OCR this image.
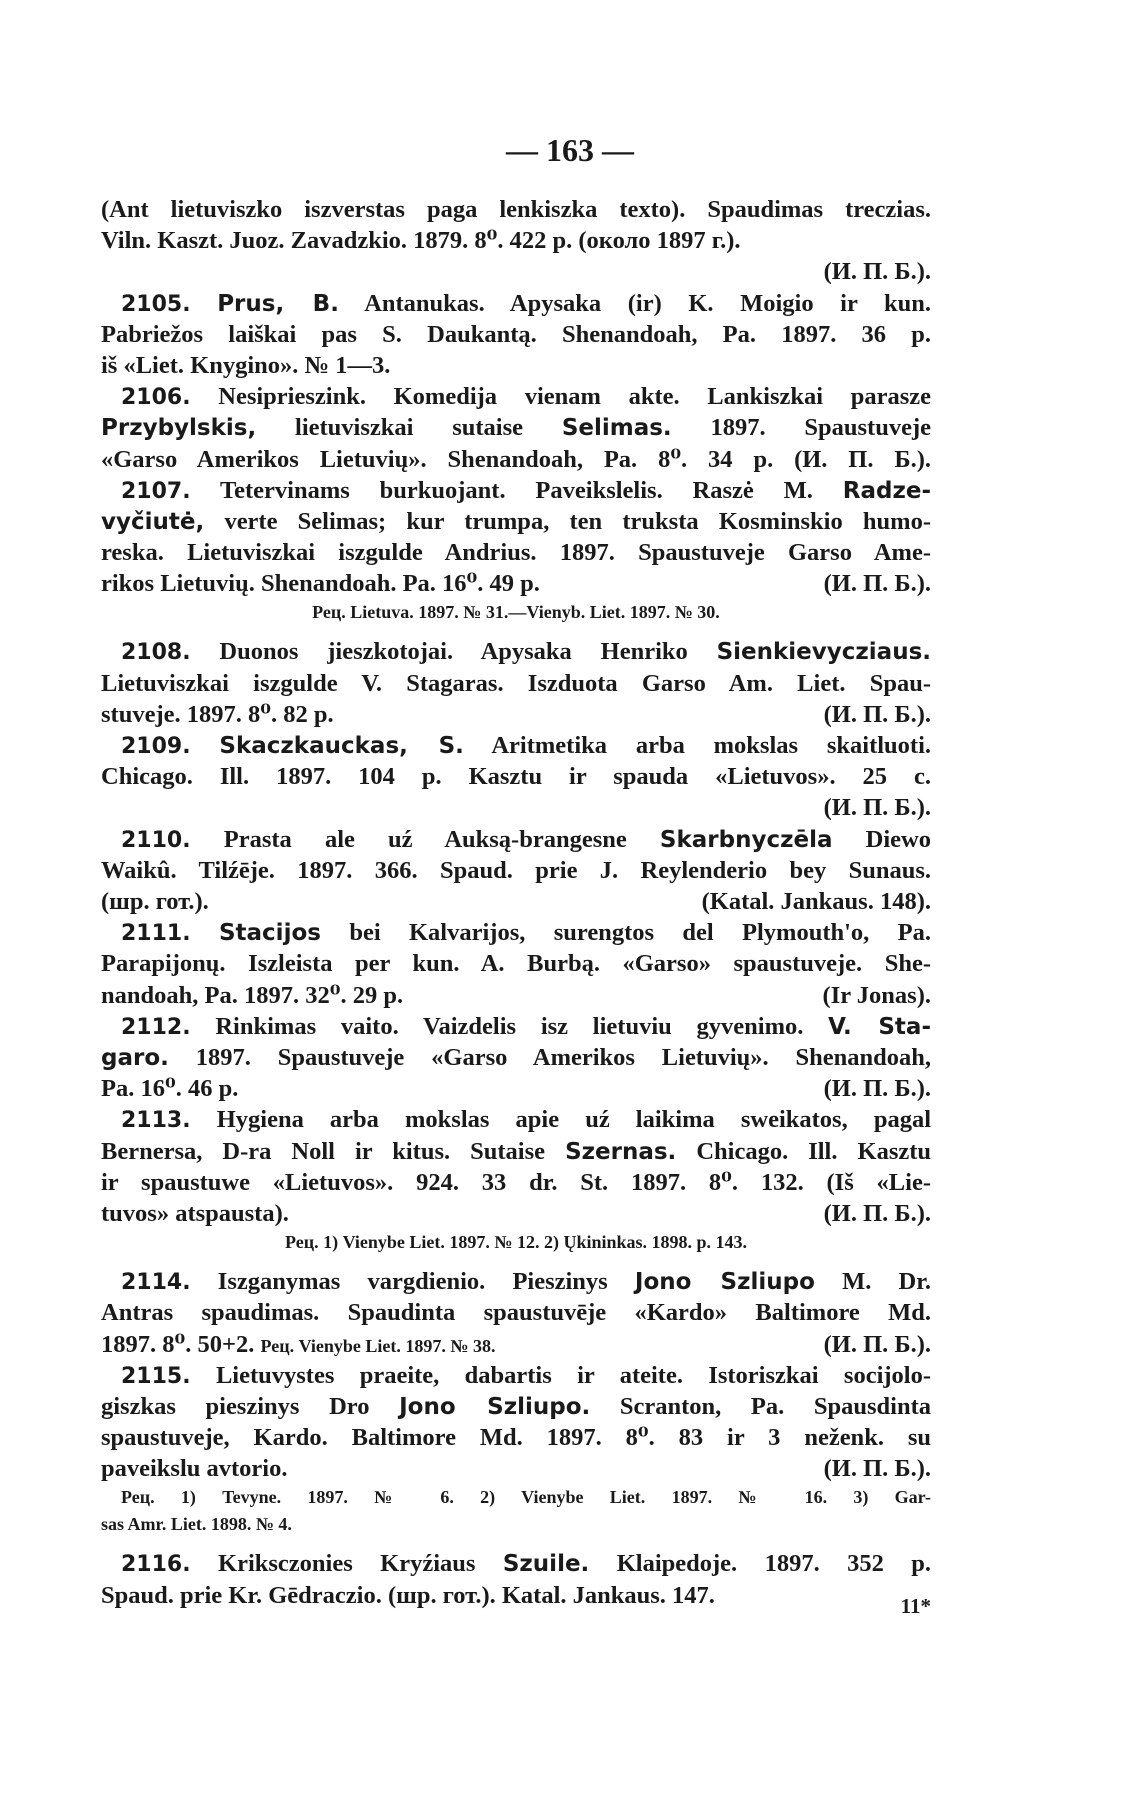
— 163 —
(Ant lietuviszko iszverstas paga lenkiszka texto). Spaudimas treczias.
Viln. Kaszt. Juoz. Zavadzkio. 1879. 8⁰. 422 p. (около 1897 г.).
(И. П. Б.).
2105. Prus, B. Antanukas. Apysaka (ir) K. Moigio ir kun.
Pabriežos laiškai pas S. Daukantą. Shenandoah, Pa. 1897. 36 p.
iš «Liet. Knygino». № 1—3.
2106. Nesiprieszink. Komedija vienam akte. Lankiszkai parasze
Przybylskis, lietuviszkai sutaise Selimas. 1897. Spaustuveje
«Garso Amerikos Lietuvių». Shenandoah, Pa. 8⁰. 34 p. (И. П. Б.).
2107. Tetervinams burkuojant. Paveikslelis. Raszė M. Radze-
vyčiutė, verte Selimas; kur trumpa, ten truksta Kosminskio humo-
reska. Lietuviszkai iszgulde Andrius. 1897. Spaustuveje Garso Ame-
rikos Lietuvių. Shenandoah. Pa. 16⁰. 49 p.	(И. П. Б.).
Рец. Lietuva. 1897. № 31.—Vienyb. Liet. 1897. № 30.
2108. Duonos jieszkotojai. Apysaka Henriko Sienkievycziaus.
Lietuviszkai iszgulde V. Stagaras. Iszduota Garso Am. Liet. Spau-
stuveje. 1897. 8⁰. 82 p.	(И. П. Б.).
2109. Skaczkauckas, S. Aritmetika arba mokslas skaitluoti.
Chicago. Ill. 1897. 104 p. Kasztu ir spauda «Lietuvos». 25 c.
(И. П. Б.).
2110. Prasta ale uź Auksą-brangesne Skarbnyczēla Diewo
Waikû. Tilźēje. 1897. 366. Spaud. prie J. Reylenderio bey Sunaus.
(шр. гот.).	(Katal. Jankaus. 148).
2111. Stacijos bei Kalvarijos, surengtos del Plymouth'o, Pa.
Parapijonų. Iszleista per kun. A. Burbą. «Garso» spaustuveje. She-
nandoah, Pa. 1897. 32⁰. 29 p.	(Ir Jonas).
2112. Rinkimas vaito. Vaizdelis isz lietuviu gyvenimo. V. Sta-
garo. 1897. Spaustuveje «Garso Amerikos Lietuvių». Shenandoah,
Pa. 16⁰. 46 p.	(И. П. Б.).
2113. Hygiena arba mokslas apie uź laikima sweikatos, pagal
Bernersa, D-ra Noll ir kitus. Sutaise Szernas. Chicago. Ill. Kasztu
ir spaustuwe «Lietuvos». 924. 33 dr. St. 1897. 8⁰. 132. (Iš «Lie-
tuvos» atspausta).	(И. П. Б.).
Рец. 1) Vienybe Liet. 1897. № 12. 2) Ųkininkas. 1898. p. 143.
2114. Iszganymas vargdienio. Pieszinys Jono Szliupo M. Dr.
Antras spaudimas. Spaudinta spaustuvēje «Kardo» Baltimore Md.
1897. 8⁰. 50+2. Рец. Vienybe Liet. 1897. № 38.	(И. П. Б.).
2115. Lietuvystes praeite, dabartis ir ateite. Istoriszkai socijolo-
giszkas pieszinys Dro Jono Szliupo. Scranton, Pa. Spausdinta
spaustuveje, Kardo. Baltimore Md. 1897. 8⁰. 83 ir 3 neženk. su
paveikslu avtorio.	(И. П. Б.).
Рец. 1) Tevyne. 1897. № 6. 2) Vienybe Liet. 1897. № 16. 3) Gar-
sas Amr. Liet. 1898. № 4.
2116. Kriksczonies Kryźiaus Szuile. Klaipedoje. 1897. 352 p.
Spaud. prie Kr. Gēdraczio. (шр. гот.). Katal. Jankaus. 147.	11*
